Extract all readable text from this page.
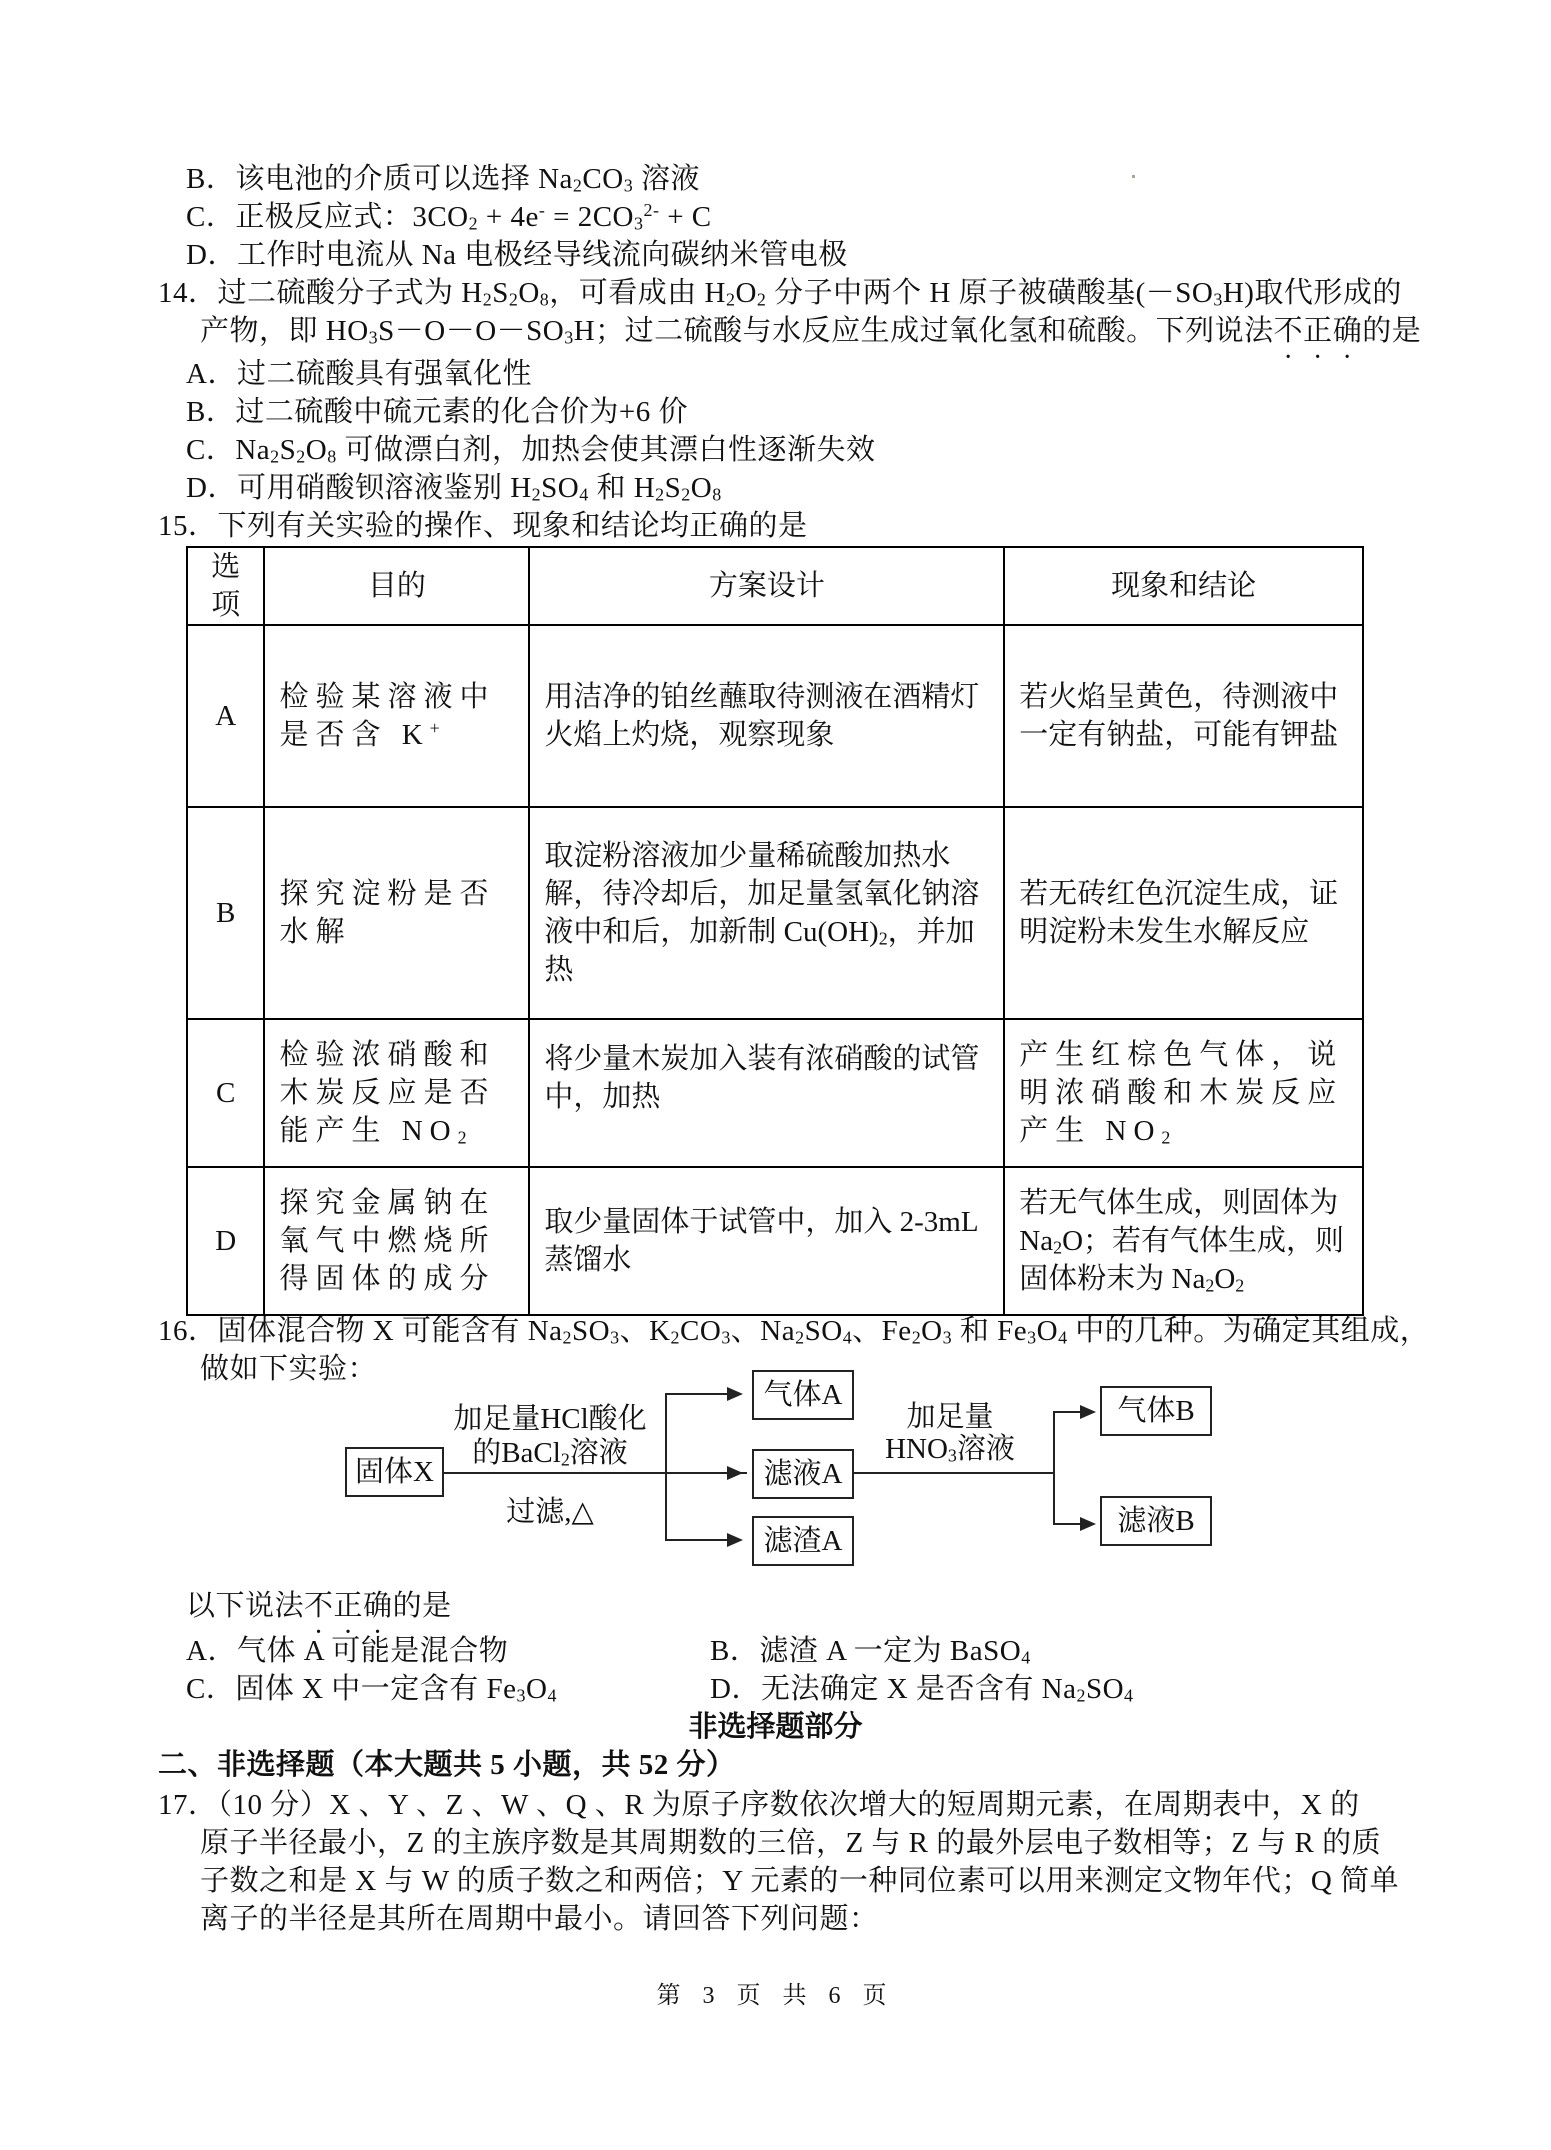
B．该电池的介质可以选择 $Na_2CO_3$ 溶液
C．正极反应式：$3CO_2 + 4e^- = 2CO_3^{2-} + C$
D．工作时电流从 Na 电极经导线流向碳纳米管电极
14．过二硫酸分子式为 $H_2S_2O_8$，可看成由 $H_2O_2$ 分子中两个 H 原子被磺酸基$(-SO_3H)$取代形成的
产物，即 $HO_3S-O-O-SO_3H$；过二硫酸与水反应生成过氧化氢和硫酸。下列说法不正确的是
A．过二硫酸具有强氧化性
B．过二硫酸中硫元素的化合价为+6 价
C．$Na_2S_2O_8$ 可做漂白剂，加热会使其漂白性逐渐失效
D．可用硝酸钡溶液鉴别 $H_2SO_4$ 和 $H_2S_2O_8$
15．下列有关实验的操作、现象和结论均正确的是
选项	目的	方案设计	现象和结论
A	检验某溶液中是否含 K+	用洁净的铂丝蘸取待测液在酒精灯火焰上灼烧，观察现象	若火焰呈黄色，待测液中一定有钠盐，可能有钾盐
B	探究淀粉是否水解	取淀粉溶液加少量稀硫酸加热水解，待冷却后，加足量氢氧化钠溶液中和后，加新制 $Cu(OH)_2$，并加热	若无砖红色沉淀生成，证明淀粉未发生水解反应
C	检验浓硝酸和木炭反应是否能产生 $NO_2$	将少量木炭加入装有浓硝酸的试管中，加热	产生红棕色气体，说明浓硝酸和木炭反应产生 $NO_2$
D	探究金属钠在氧气中燃烧所得固体的成分	取少量固体于试管中，加入 2-3mL 蒸馏水	若无气体生成，则固体为 $Na_2O$；若有气体生成，则固体粉末为 $Na_2O_2$
16．固体混合物 X 可能含有 $Na_2SO_3$、$K_2CO_3$、$Na_2SO_4$、$Fe_2O_3$ 和 $Fe_3O_4$ 中的几种。为确定其组成，
做如下实验：
固体X
加足量HCl酸化
的BaCl$_2$溶液
过滤,△
气体A
滤液A
滤渣A
加足量
$HNO_3$溶液
气体B
滤液B
以下说法不正确的是
A．气体 A 可能是混合物	B．滤渣 A 一定为 BaSO$_4$
C．固体 X 中一定含有 $Fe_3O_4$	D．无法确定 X 是否含有 $Na_2SO_4$
非选择题部分
二、非选择题（本大题共 5 小题，共 52 分）
17．（10 分）X 、Y 、Z 、W 、Q 、R 为原子序数依次增大的短周期元素，在周期表中，X 的
原子半径最小，Z 的主族序数是其周期数的三倍，Z 与 R 的最外层电子数相等；Z 与 R 的质
子数之和是 X 与 W 的质子数之和两倍；Y 元素的一种同位素可以用来测定文物年代；Q 简单
离子的半径是其所在周期中最小。请回答下列问题：
第 3 页 共 6 页
